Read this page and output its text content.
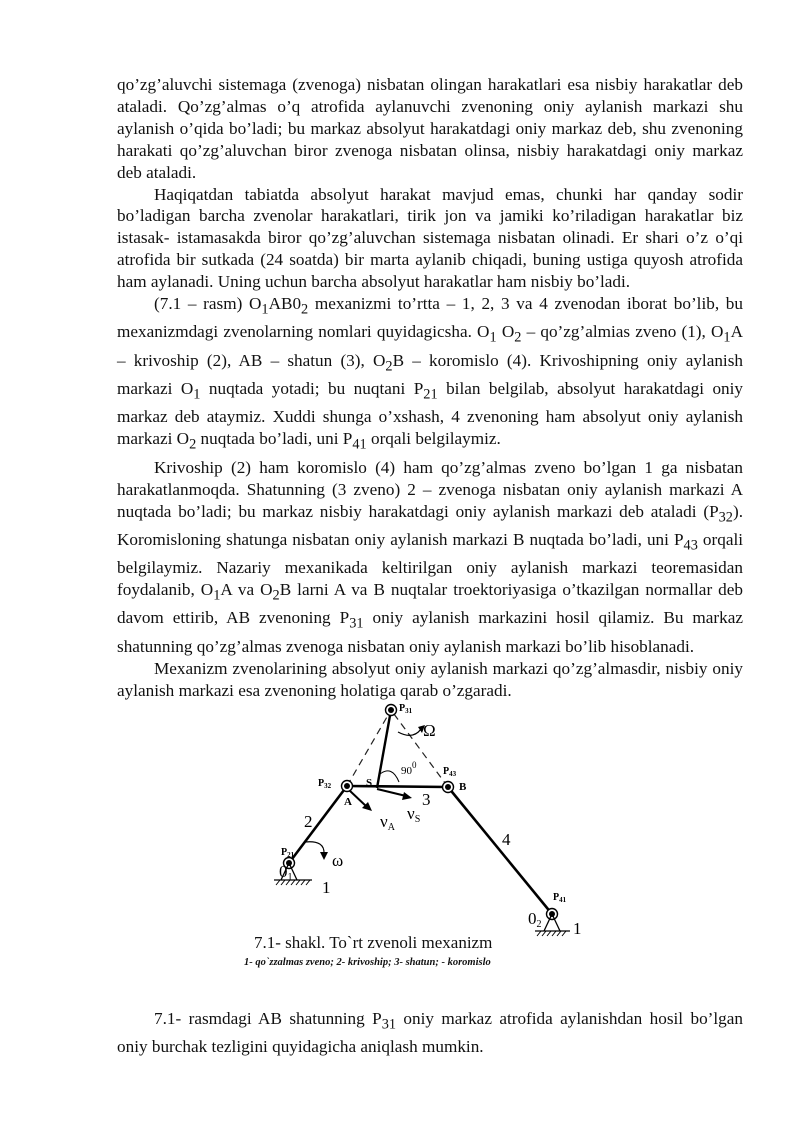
qo’zg’aluvchi sistemaga (zvenoga) nisbatan olingan harakatlari esa nisbiy harakatlar deb ataladi. Qo’zg’almas o’q atrofida aylanuvchi zvenoning oniy aylanish markazi shu aylanish o’qida bo’ladi; bu markaz absolyut harakatdagi oniy markaz deb, shu zvenoning harakati qo’zg’aluvchan biror zvenoga nisbatan olinsa, nisbiy harakatdagi oniy markaz deb ataladi.

Haqiqatdan tabiatda absolyut harakat mavjud emas, chunki har qanday sodir bo’ladigan barcha zvenolar harakatlari, tirik jon va jamiki ko’riladigan harakatlar biz istasak- istamasakda biror qo’zg’aluvchan sistemaga nisbatan olinadi. Er shari o’z o’qi atrofida bir sutkada (24 soatda) bir marta aylanib chiqadi, buning ustiga quyosh atrofida ham aylanadi. Uning uchun barcha absolyut harakatlar ham nisbiy bo’ladi.

(7.1 – rasm) $O_1AB0_2$ mexanizmi to’rtta – 1, 2, 3 va 4 zvenodan iborat bo’lib, bu mexanizmdagi zvenolarning nomlari quyidagicsha. $O_1$ $O_2$ – qo’zg’almias zveno (1), $O_1A$ – krivoship (2), AB – shatun (3), $O_2B$ – koromislo (4). Krivoshipning oniy aylanish markazi $O_1$ nuqtada yotadi; bu nuqtani $P_{21}$ bilan belgilab, absolyut harakatdagi oniy markaz deb ataymiz. Xuddi shunga o’xshash, 4 zvenoning ham absolyut oniy aylanish markazi $O_2$ nuqtada bo’ladi, uni $P_{41}$ orqali belgilaymiz.

Krivoship (2) ham koromislo (4) ham qo’zg’almas zveno bo’lgan 1 ga nisbatan harakatlanmoqda. Shatunning (3 zveno) 2 – zvenoga nisbatan oniy aylanish markazi A nuqtada bo’ladi; bu markaz nisbiy harakatdagi oniy aylanish markazi deb ataladi $(P_{32})$. Koromisloning shatunga nisbatan oniy aylanish markazi B nuqtada bo’ladi, uni $P_{43}$ orqali belgilaymiz. Nazariy mexanikada keltirilgan oniy aylanish markazi teoremasidan foydalanib, $O_1A$ va $O_2B$ larni A va B nuqtalar troektoriyasiga o’tkazilgan normallar deb davom ettirib, AB zvenoning $P_{31}$ oniy aylanish markazini hosil qilamiz. Bu markaz shatunning qo’zg’almas zvenoga nisbatan oniy aylanish markazi bo’lib hisoblanadi.

Mexanizm zvenolarining absolyut oniy aylanish markazi qo’zg’almasdir, nisbiy oniy aylanish markazi esa zvenoning holatiga qarab o’zgaradi.

$P_{31}$
Ω
$90^0$
$P_{43}$
$P_{32}$	S	B
A	3
νS
2	νA
4
$P_{21}$ ω
01
1
$P_{41}$
02 1
7.1- shakl. To`rt zvenoli mexanizm
1- qo`zzalmas zveno; 2- krivoship; 3- shatun; - koromislo

7.1- rasmdagi AB shatunning $P_{31}$ oniy markaz atrofida aylanishdan hosil bo’lgan oniy burchak tezligini quyidagicha aniqlash mumkin.
